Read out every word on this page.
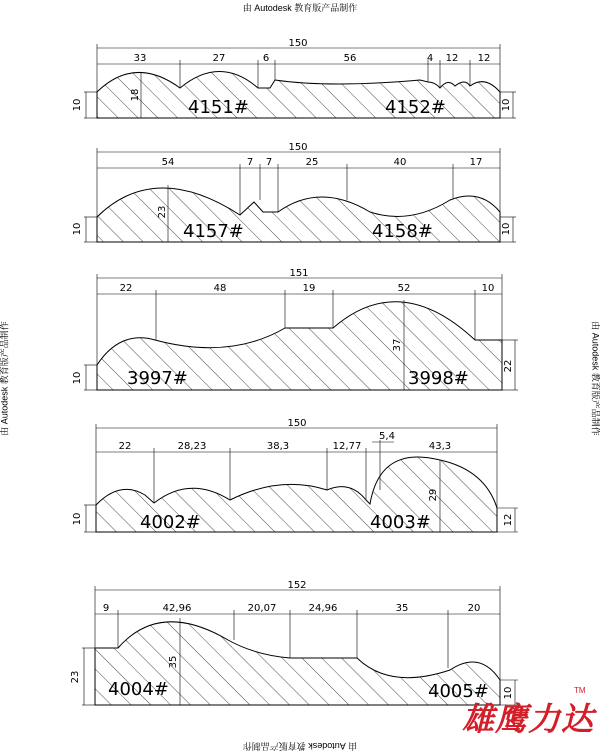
150
33	27	6	56	4 12 12
10	10
18
4151#	4152#
150
54	7 7	25	40	17
10	10
23
4157#	4158#
151
22	48	19	52	10
10
22
37
3997#	3998#
150
22	28,23	38,3	12,77
5,4
43,3
10	12
29
4002#	4003#
152
9	42,96	20,07	24,96	35	20
23
10
35
4004#	4005#
由 Autodesk 教育版产品制作
由 Autodesk 教育版产品制作
由 Autodesk 教育版产品制作	由 Autodesk 教育版产品制作
雄鹰力达
TM
